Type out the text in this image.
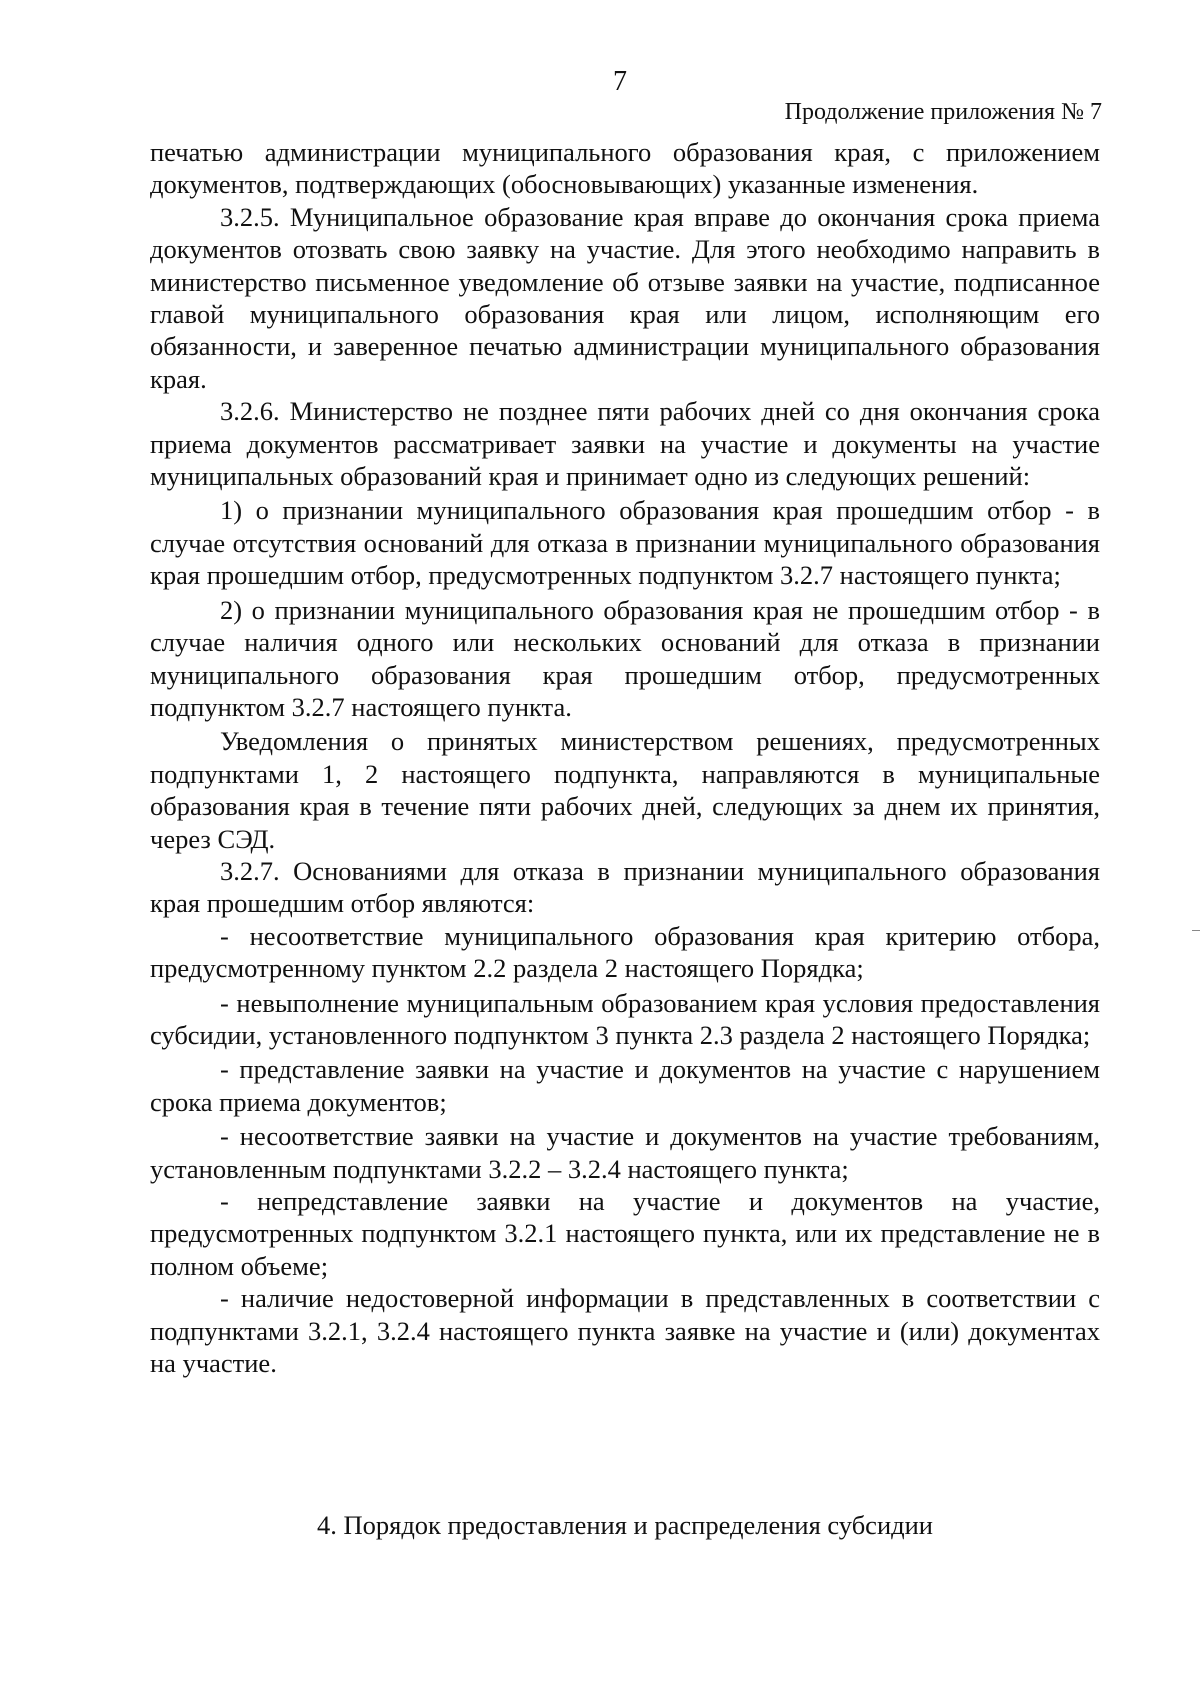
7
Продолжение приложения № 7

печатью администрации муниципального образования края, с приложением документов, подтверждающих (обосновывающих) указанные изменения.

3.2.5. Муниципальное образование края вправе до окончания срока приема документов отозвать свою заявку на участие. Для этого необходимо направить в министерство письменное уведомление об отзыве заявки на участие, подписанное главой муниципального образования края или лицом, исполняющим его обязанности, и заверенное печатью администрации муниципального образования края.

3.2.6. Министерство не позднее пяти рабочих дней со дня окончания срока приема документов рассматривает заявки на участие и документы на участие муниципальных образований края и принимает одно из следующих решений:

1) о признании муниципального образования края прошедшим отбор - в случае отсутствия оснований для отказа в признании муниципального образования края прошедшим отбор, предусмотренных подпунктом 3.2.7 настоящего пункта;

2) о признании муниципального образования края не прошедшим отбор - в случае наличия одного или нескольких оснований для отказа в признании муниципального образования края прошедшим отбор, предусмотренных подпунктом 3.2.7 настоящего пункта.

Уведомления о принятых министерством решениях, предусмотренных подпунктами 1, 2 настоящего подпункта, направляются в муниципальные образования края в течение пяти рабочих дней, следующих за днем их принятия, через СЭД.

3.2.7. Основаниями для отказа в признании муниципального образования края прошедшим отбор являются:

- несоответствие муниципального образования края критерию отбора, предусмотренному пунктом 2.2 раздела 2 настоящего Порядка;

- невыполнение муниципальным образованием края условия предоставления субсидии, установленного подпунктом 3 пункта 2.3 раздела 2 настоящего Порядка;

- представление заявки на участие и документов на участие с нарушением срока приема документов;

- несоответствие заявки на участие и документов на участие требованиям, установленным подпунктами 3.2.2 – 3.2.4 настоящего пункта;

- непредставление заявки на участие и документов на участие, предусмотренных подпунктом 3.2.1 настоящего пункта, или их представление не в полном объеме;

- наличие недостоверной информации в представленных в соответствии с подпунктами 3.2.1, 3.2.4 настоящего пункта заявке на участие и (или) документах на участие.

4. Порядок предоставления и распределения субсидии
